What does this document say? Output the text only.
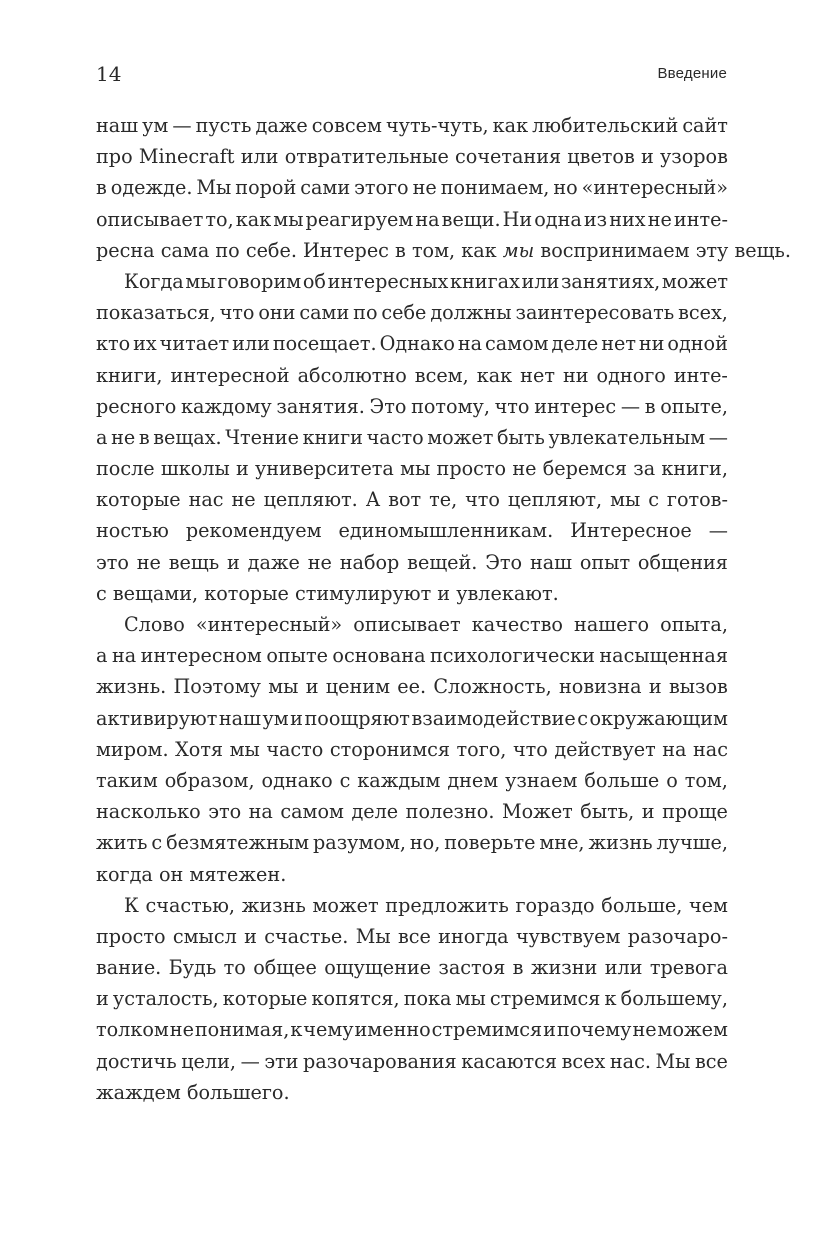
14	Введение
наш ум — пусть даже совсем чуть-чуть, как любительский сайт
про Minecraft или отвратительные сочетания цветов и узоров
в одежде. Мы порой сами этого не понимаем, но «интересный»
описывает то, как мы реагируем на вещи. Ни одна из них не инте-
ресна сама по себе. Интерес в том, как мы воспринимаем эту вещь.
Когда мы говорим об интересных книгах или занятиях, может
показаться, что они сами по себе должны заинтересовать всех,
кто их читает или посещает. Однако на самом деле нет ни одной
книги, интересной абсолютно всем, как нет ни одного инте-
ресного каждому занятия. Это потому, что интерес — в опыте,
а не в вещах. Чтение книги часто может быть увлекательным —
после школы и университета мы просто не беремся за книги,
которые нас не цепляют. А вот те, что цепляют, мы с готов-
ностью рекомендуем единомышленникам. Интересное —
это не вещь и даже не набор вещей. Это наш опыт общения
с вещами, которые стимулируют и увлекают.
Слово «интересный» описывает качество нашего опыта,
а на интересном опыте основана психологически насыщенная
жизнь. Поэтому мы и ценим ее. Сложность, новизна и вызов
активируют наш ум и поощряют взаимодействие с окружающим
миром. Хотя мы часто сторонимся того, что действует на нас
таким образом, однако с каждым днем узнаем больше о том,
насколько это на самом деле полезно. Может быть, и проще
жить с безмятежным разумом, но, поверьте мне, жизнь лучше,
когда он мятежен.
К счастью, жизнь может предложить гораздо больше, чем
просто смысл и счастье. Мы все иногда чувствуем разочаро-
вание. Будь то общее ощущение застоя в жизни или тревога
и усталость, которые копятся, пока мы стремимся к большему,
толком не понимая, к чему именно стремимся и почему не можем
достичь цели, — эти разочарования касаются всех нас. Мы все
жаждем большего.
